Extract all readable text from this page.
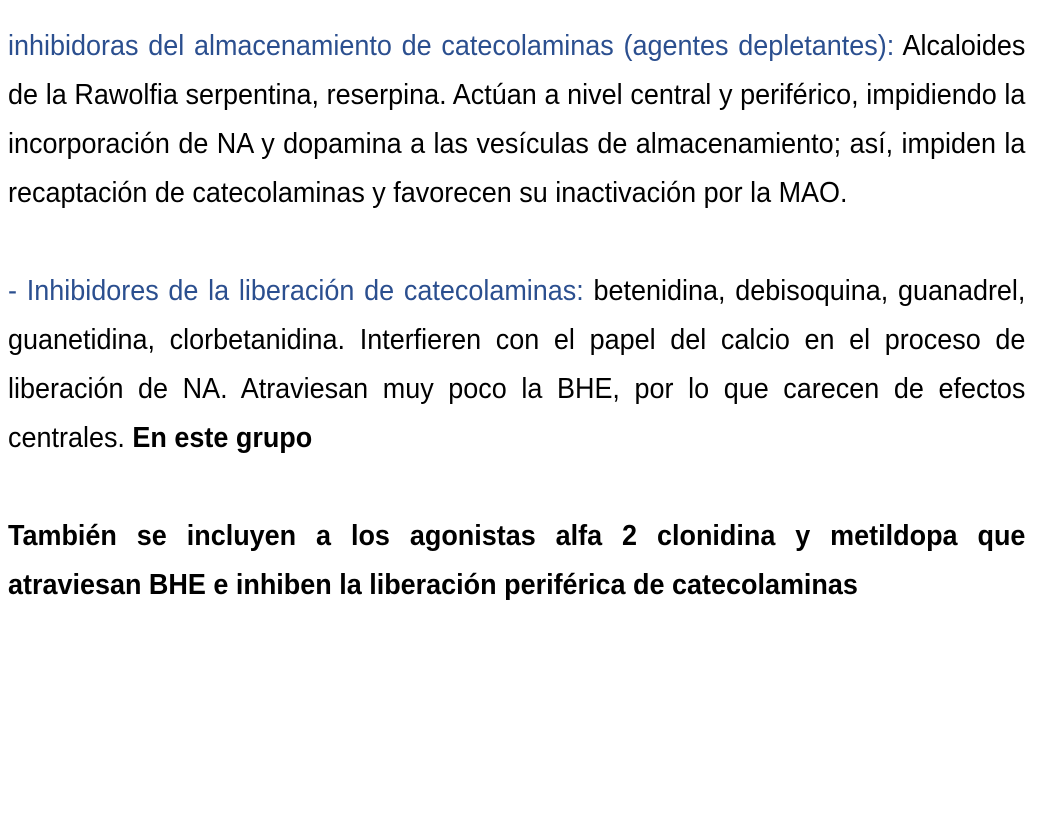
inhibidoras del almacenamiento de catecolaminas (agentes depletantes): Alcaloides de la Rawolfia serpentina, reserpina. Actúan a nivel central y periférico, impidiendo la incorporación de NA y dopamina a las vesículas de almacenamiento; así, impiden la recaptación de catecolaminas y favorecen su inactivación por la MAO.

- Inhibidores de la liberación de catecolaminas: betenidina, debisoquina, guanadrel, guanetidina, clorbetanidina. Interfieren con el papel del calcio en el proceso de liberación de NA. Atraviesan muy poco la BHE, por lo que carecen de efectos centrales. En este grupo

También se incluyen a los agonistas alfa 2 clonidina y metildopa que atraviesan BHE e inhiben la liberación periférica de catecolaminas
